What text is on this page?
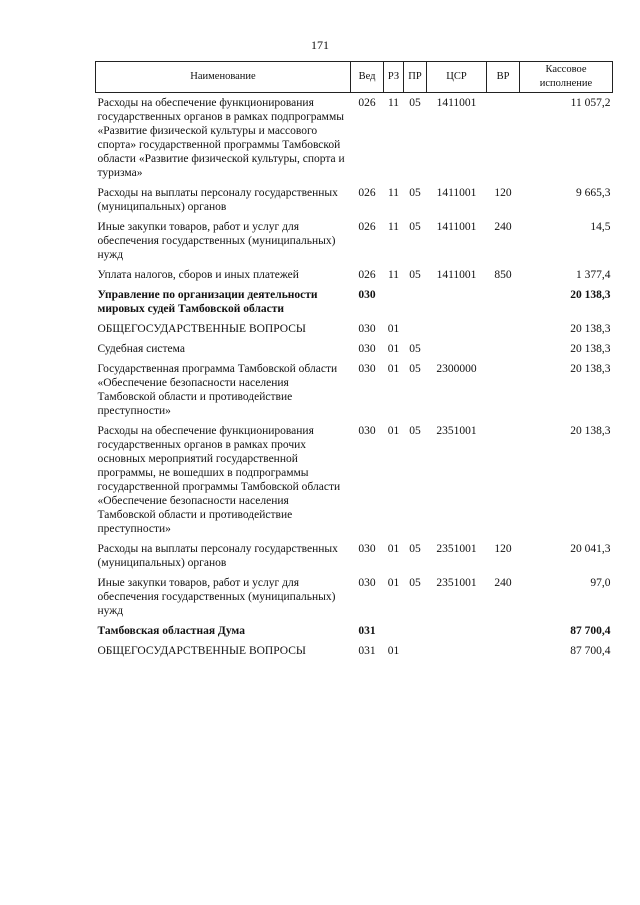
171
Наименование	Вед	РЗ	ПР	ЦСР	ВР	Кассовое исполнение
Расходы на обеспечение функционирования государственных органов в рамках подпрограммы «Развитие физической культуры и массового спорта» государственной программы Тамбовской области «Развитие физической культуры, спорта и туризма»	026	11	05	1411001		11 057,2
Расходы на выплаты персоналу государственных (муниципальных) органов	026	11	05	1411001	120	9 665,3
Иные закупки товаров, работ и услуг для обеспечения государственных (муниципальных) нужд	026	11	05	1411001	240	14,5
Уплата налогов, сборов и иных платежей	026	11	05	1411001	850	1 377,4
Управление по организации деятельности мировых судей Тамбовской области	030					20 138,3
ОБЩЕГОСУДАРСТВЕННЫЕ ВОПРОСЫ	030	01				20 138,3
Судебная система	030	01	05			20 138,3
Государственная программа Тамбовской области «Обеспечение безопасности населения Тамбовской области и противодействие преступности»	030	01	05	2300000		20 138,3
Расходы на обеспечение функционирования государственных органов в рамках прочих основных мероприятий государственной программы, не вошедших в подпрограммы государственной программы Тамбовской области «Обеспечение безопасности населения Тамбовской области и противодействие преступности»	030	01	05	2351001		20 138,3
Расходы на выплаты персоналу государственных (муниципальных) органов	030	01	05	2351001	120	20 041,3
Иные закупки товаров, работ и услуг для обеспечения государственных (муниципальных) нужд	030	01	05	2351001	240	97,0
Тамбовская областная Дума	031					87 700,4
ОБЩЕГОСУДАРСТВЕННЫЕ ВОПРОСЫ	031	01				87 700,4
